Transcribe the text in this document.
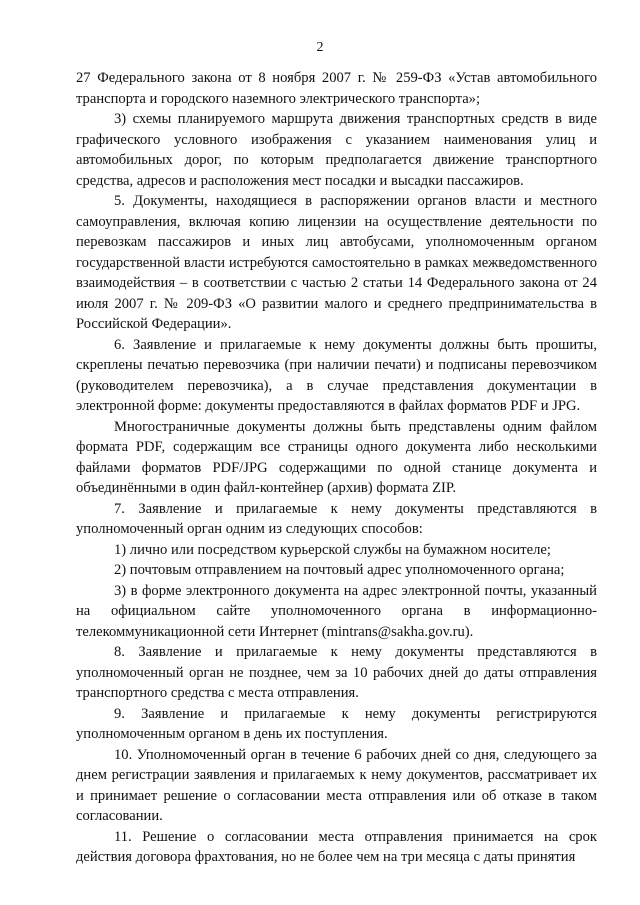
2

27 Федерального закона от 8 ноября 2007 г. № 259-ФЗ «Устав автомобильного транспорта и городского наземного электрического транспорта»;

3) схемы планируемого маршрута движения транспортных средств в виде графического условного изображения с указанием наименования улиц и автомобильных дорог, по которым предполагается движение транспортного средства, адресов и расположения мест посадки и высадки пассажиров.

5. Документы, находящиеся в распоряжении органов власти и местного самоуправления, включая копию лицензии на осуществление деятельности по перевозкам пассажиров и иных лиц автобусами, уполномоченным органом государственной власти истребуются самостоятельно в рамках межведомственного взаимодействия – в соответствии с частью 2 статьи 14 Федерального закона от 24 июля 2007 г. № 209-ФЗ «О развитии малого и среднего предпринимательства в Российской Федерации».

6. Заявление и прилагаемые к нему документы должны быть прошиты, скреплены печатью перевозчика (при наличии печати) и подписаны перевозчиком (руководителем перевозчика), а в случае представления документации в электронной форме: документы предоставляются в файлах форматов PDF и JPG.

Многостраничные документы должны быть представлены одним файлом формата PDF, содержащим все страницы одного документа либо несколькими файлами форматов PDF/JPG содержащими по одной станице документа и объединёнными в один файл-контейнер (архив) формата ZIP.

7. Заявление и прилагаемые к нему документы представляются в уполномоченный орган одним из следующих способов:

1) лично или посредством курьерской службы на бумажном носителе;

2) почтовым отправлением на почтовый адрес уполномоченного органа;

3) в форме электронного документа на адрес электронной почты, указанный на официальном сайте уполномоченного органа в информационно-телекоммуникационной сети Интернет (mintrans@sakha.gov.ru).

8. Заявление и прилагаемые к нему документы представляются в уполномоченный орган не позднее, чем за 10 рабочих дней до даты отправления транспортного средства с места отправления.

9. Заявление и прилагаемые к нему документы регистрируются уполномоченным органом в день их поступления.

10. Уполномоченный орган в течение 6 рабочих дней со дня, следующего за днем регистрации заявления и прилагаемых к нему документов, рассматривает их и принимает решение о согласовании места отправления или об отказе в таком согласовании.

11. Решение о согласовании места отправления принимается на срок действия договора фрахтования, но не более чем на три месяца с даты принятия
